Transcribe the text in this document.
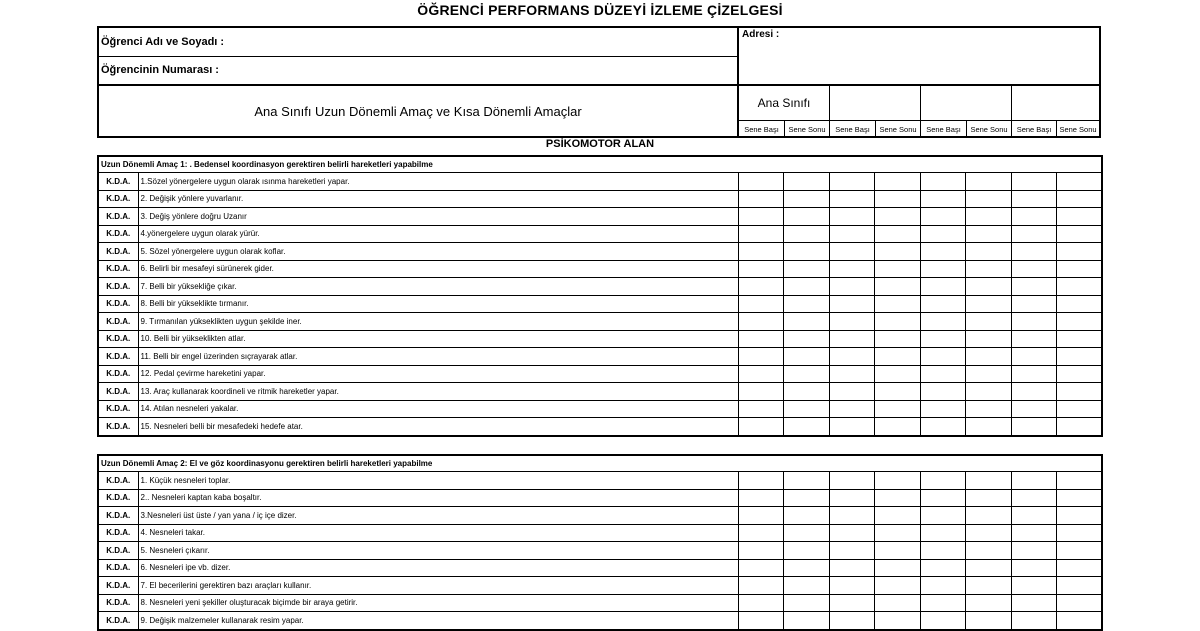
ÖĞRENCİ PERFORMANS DÜZEYİ İZLEME ÇİZELGESİ
Öğrenci Adı ve Soyadı :
Öğrencinin Numarası :
Adresi :
Ana Sınıfı Uzun Dönemli Amaç ve Kısa Dönemli Amaçlar
Ana Sınıfı
Sene Başı	Sene Sonu	Sene Başı	Sene Sonu	Sene Başı	Sene Sonu	Sene Başı	Sene Sonu
PSİKOMOTOR ALAN
Uzun Dönemli Amaç 1: . Bedensel koordinasyon gerektiren belirli hareketleri yapabilme									
K.D.A.	1.Sözel yönergelere uygun olarak ısınma hareketleri yapar.								
K.D.A.	2. Değişik yönlere yuvarlanır.								
K.D.A.	3. Değiş yönlere doğru Uzanır								
K.D.A.	4.yönergelere uygun olarak yürür.								
K.D.A.	5. Sözel yönergelere uygun olarak koflar.								
K.D.A.	6. Belirli bir mesafeyi sürünerek gider.								
K.D.A.	7. Belli bir yüksekliğe çıkar.								
K.D.A.	8. Belli bir yükseklikte tırmanır.								
K.D.A.	9. Tırmanılan yükseklikten uygun şekilde iner.								
K.D.A.	10. Belli bir yükseklikten atlar.								
K.D.A.	11. Belli bir engel üzerinden sıçrayarak atlar.								
K.D.A.	12. Pedal çevirme hareketini yapar.								
K.D.A.	13. Araç kullanarak koordineli ve ritmik hareketler yapar.								
K.D.A.	14. Atılan nesneleri yakalar.								
K.D.A.	15. Nesneleri belli bir mesafedeki hedefe atar.								
Uzun Dönemli Amaç 2: El ve göz koordinasyonu gerektiren belirli hareketleri yapabilme									
K.D.A.	1. Küçük nesneleri toplar.								
K.D.A.	2.. Nesneleri kaptan kaba boşaltır.								
K.D.A.	3.Nesneleri üst üste / yan yana / iç içe dizer.								
K.D.A.	4. Nesneleri takar.								
K.D.A.	5. Nesneleri çıkarır.								
K.D.A.	6. Nesneleri ipe vb. dizer.								
K.D.A.	7. El becerilerini gerektiren bazı araçları kullanır.								
K.D.A.	8. Nesneleri yeni şekiller oluşturacak biçimde bir araya getirir.								
K.D.A.	9. Değişik malzemeler kullanarak resim yapar.								
